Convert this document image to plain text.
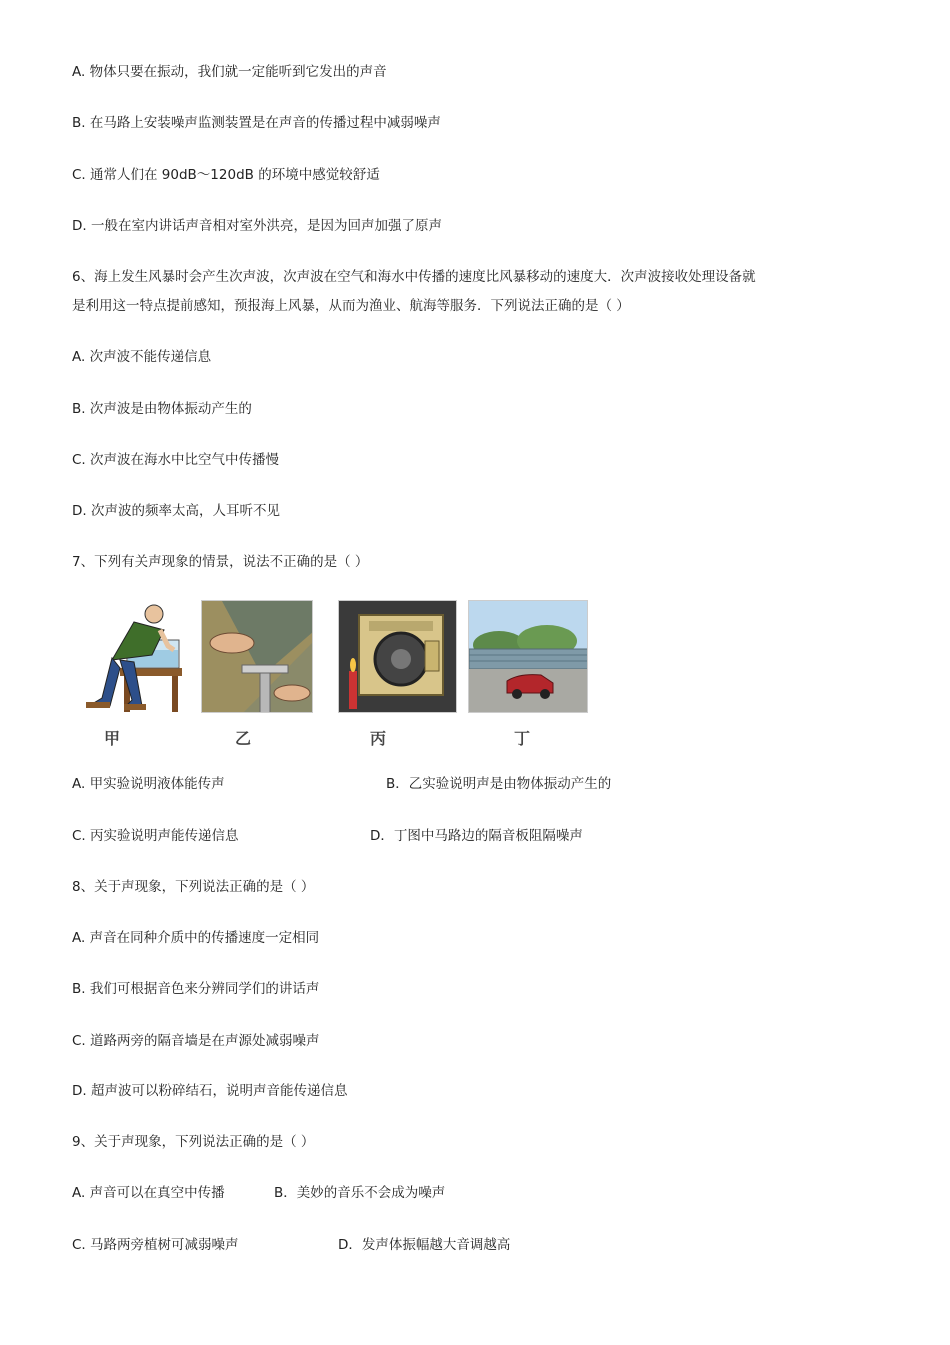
A. 物体只要在振动，我们就一定能听到它发出的声音
B. 在马路上安装噪声监测装置是在声音的传播过程中减弱噪声
C. 通常人们在 90dB～120dB 的环境中感觉较舒适
D. 一般在室内讲话声音相对室外洪亮，是因为回声加强了原声
6、海上发生风暴时会产生次声波，次声波在空气和海水中传播的速度比风暴移动的速度大．次声波接收处理设备就
是利用这一特点提前感知，预报海上风暴，从而为渔业、航海等服务．下列说法正确的是（ ）
A. 次声波不能传递信息
B. 次声波是由物体振动产生的
C. 次声波在海水中比空气中传播慢
D. 次声波的频率太高，人耳听不见
7、下列有关声现象的情景，说法不正确的是（ ）
甲	乙	丙	丁
A. 甲实验说明液体能传声	B．乙实验说明声是由物体振动产生的
C. 丙实验说明声能传递信息	D．丁图中马路边的隔音板阻隔噪声
8、关于声现象，下列说法正确的是（ ）
A. 声音在同种介质中的传播速度一定相同
B. 我们可根据音色来分辨同学们的讲话声
C. 道路两旁的隔音墙是在声源处减弱噪声
D. 超声波可以粉碎结石，说明声音能传递信息
9、关于声现象，下列说法正确的是（ ）
A. 声音可以在真空中传播	B．美妙的音乐不会成为噪声
C. 马路两旁植树可减弱噪声	D．发声体振幅越大音调越高
